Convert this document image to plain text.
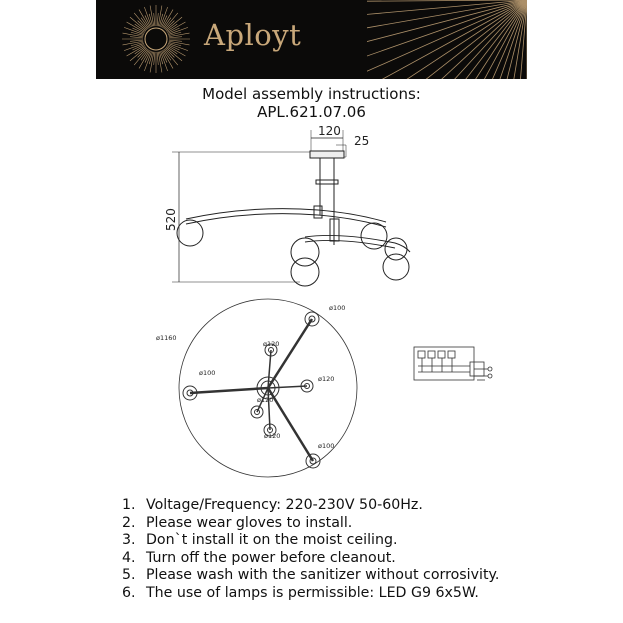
Aployt
Model assembly instructions:
APL.621.07.06
120
25
520
ø1160
ø100
ø100
ø100
ø120
ø120
ø120
ø120
1. Voltage/Frequency: 220-230V 50-60Hz.
2. Please wear gloves to install.
3. Don`t install it on the moist ceiling.
4. Turn off the power before cleanout.
5. Please wash with the sanitizer without corrosivity.
6. The use of lamps is permissible: LED G9 6x5W.
